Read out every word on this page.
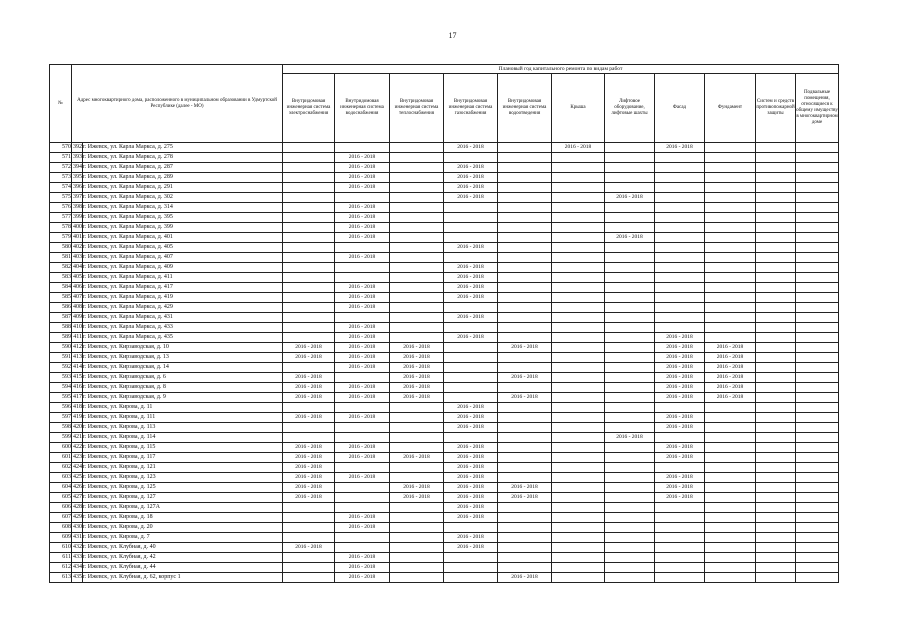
17
№	Адрес многоквартирного дома, расположенного в муниципальном образовании в Удмуртской Республике (далее - МО)		Плановый год капитального ремонта по видам работ										
			Внутридомовая инженерная система электроснабжения	Внутридомовая инженерная система водоснабжения	Внутридомовая инженерная система теплоснабжения	Внутридомовая инженерная система газоснабжения	Внутридомовая инженерная система водоотведения	Крыша	Лифтовое оборудование, лифтовые шахты	Фасад	Фундамент	Систем и средств противопожарной защиты	Подвальные помещения, относящиеся к общему имуществу в многоквартирном доме
570	392	г. Ижевск, ул. Карла Маркса, д. 275				2016 - 2018		2016 - 2018		2016 - 2018			
571	393	г. Ижевск, ул. Карла Маркса, д. 278		2016 - 2018									
572	394	г. Ижевск, ул. Карла Маркса, д. 287		2016 - 2018		2016 - 2018							
573	395	г. Ижевск, ул. Карла Маркса, д. 289		2016 - 2018		2016 - 2018							
574	396	г. Ижевск, ул. Карла Маркса, д. 291		2016 - 2018		2016 - 2018							
575	397	г. Ижевск, ул. Карла Маркса, д. 302				2016 - 2018			2016 - 2018				
576	398	г. Ижевск, ул. Карла Маркса, д. 314		2016 - 2018									
577	399	г. Ижевск, ул. Карла Маркса, д. 395		2016 - 2018									
578	400	г. Ижевск, ул. Карла Маркса, д. 399		2016 - 2018									
579	401	г. Ижевск, ул. Карла Маркса, д. 401		2016 - 2018					2016 - 2018				
580	402	г. Ижевск, ул. Карла Маркса, д. 405				2016 - 2018							
581	403	г. Ижевск, ул. Карла Маркса, д. 407		2016 - 2018									
582	404	г. Ижевск, ул. Карла Маркса, д. 409				2016 - 2018							
583	405	г. Ижевск, ул. Карла Маркса, д. 411				2016 - 2018							
584	406	г. Ижевск, ул. Карла Маркса, д. 417		2016 - 2018		2016 - 2018							
585	407	г. Ижевск, ул. Карла Маркса, д. 419		2016 - 2018		2016 - 2018							
586	408	г. Ижевск, ул. Карла Маркса, д. 429		2016 - 2018									
587	409	г. Ижевск, ул. Карла Маркса, д. 431				2016 - 2018							
588	410	г. Ижевск, ул. Карла Маркса, д. 433		2016 - 2018									
589	411	г. Ижевск, ул. Карла Маркса, д. 435		2016 - 2018		2016 - 2018				2016 - 2018			
590	412	г. Ижевск, ул. Кирзаводская, д. 10	2016 - 2018	2016 - 2018	2016 - 2018		2016 - 2018			2016 - 2018	2016 - 2018		
591	413	г. Ижевск, ул. Кирзаводская, д. 13	2016 - 2018	2016 - 2018	2016 - 2018					2016 - 2018	2016 - 2018		
592	414	г. Ижевск, ул. Кирзаводская, д. 14		2016 - 2018	2016 - 2018					2016 - 2018	2016 - 2018		
593	415	г. Ижевск, ул. Кирзаводская, д. 6	2016 - 2018		2016 - 2018		2016 - 2018			2016 - 2018	2016 - 2018		
594	416	г. Ижевск, ул. Кирзаводская, д. 8	2016 - 2018	2016 - 2018	2016 - 2018					2016 - 2018	2016 - 2018		
595	417	г. Ижевск, ул. Кирзаводская, д. 9	2016 - 2018	2016 - 2018	2016 - 2018		2016 - 2018			2016 - 2018	2016 - 2018		
596	418	г. Ижевск, ул. Кирова, д. 11				2016 - 2018							
597	419	г. Ижевск, ул. Кирова, д. 111	2016 - 2018	2016 - 2018		2016 - 2018				2016 - 2018			
598	420	г. Ижевск, ул. Кирова, д. 113				2016 - 2018				2016 - 2018			
599	421	г. Ижевск, ул. Кирова, д. 114							2016 - 2018				
600	422	г. Ижевск, ул. Кирова, д. 115	2016 - 2018	2016 - 2018		2016 - 2018				2016 - 2018			
601	423	г. Ижевск, ул. Кирова, д. 117	2016 - 2018	2016 - 2018	2016 - 2018	2016 - 2018				2016 - 2018			
602	424	г. Ижевск, ул. Кирова, д. 121	2016 - 2018			2016 - 2018							
603	425	г. Ижевск, ул. Кирова, д. 123	2016 - 2018	2016 - 2018		2016 - 2018				2016 - 2018			
604	426	г. Ижевск, ул. Кирова, д. 125	2016 - 2018		2016 - 2018	2016 - 2018	2016 - 2018			2016 - 2018			
605	427	г. Ижевск, ул. Кирова, д. 127	2016 - 2018		2016 - 2018	2016 - 2018	2016 - 2018			2016 - 2018			
606	428	г. Ижевск, ул. Кирова, д. 127А				2016 - 2018							
607	429	г. Ижевск, ул. Кирова, д. 18		2016 - 2018		2016 - 2018							
608	430	г. Ижевск, ул. Кирова, д. 20		2016 - 2018									
609	431	г. Ижевск, ул. Кирова, д. 7				2016 - 2018							
610	432	г. Ижевск, ул. Клубная, д. 40	2016 - 2018			2016 - 2018							
611	433	г. Ижевск, ул. Клубная, д. 42		2016 - 2018									
612	434	г. Ижевск, ул. Клубная, д. 44		2016 - 2018									
613	435	г. Ижевск, ул. Клубная, д. 62, корпус 1		2016 - 2018			2016 - 2018						
